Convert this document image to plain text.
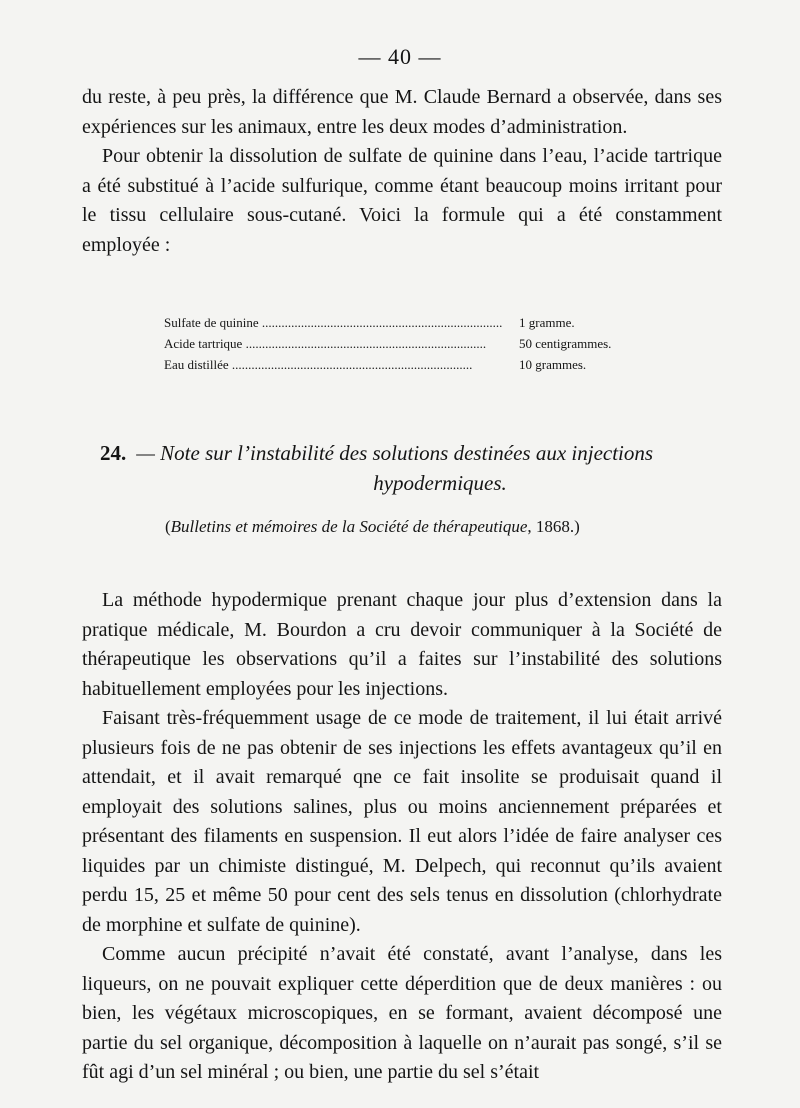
— 40 —

du reste, à peu près, la différence que M. Claude Bernard a observée, dans ses expériences sur les animaux, entre les deux modes d’administration.

Pour obtenir la dissolution de sulfate de quinine dans l’eau, l’acide tartrique a été substitué à l’acide sulfurique, comme étant beaucoup moins irritant pour le tissu cellulaire sous-cutané. Voici la formule qui a été constamment employée :

Sulfate de quinine .....	1 gramme.
Acide tartrique .....	50 centigrammes.
Eau distillée .....	10 grammes.
24. — Note sur l’instabilité des solutions destinées aux injections
hypodermiques.
(Bulletins et mémoires de la Société de thérapeutique, 1868.)

La méthode hypodermique prenant chaque jour plus d’extension dans la pratique médicale, M. Bourdon a cru devoir communiquer à la Société de thérapeutique les observations qu’il a faites sur l’instabilité des solutions habituellement employées pour les injections.

Faisant très-fréquemment usage de ce mode de traitement, il lui était arrivé plusieurs fois de ne pas obtenir de ses injections les effets avantageux qu’il en attendait, et il avait remarqué qne ce fait insolite se produisait quand il employait des solutions salines, plus ou moins anciennement préparées et présentant des filaments en suspension. Il eut alors l’idée de faire analyser ces liquides par un chimiste distingué, M. Delpech, qui reconnut qu’ils avaient perdu 15, 25 et même 50 pour cent des sels tenus en dissolution (chlorhydrate de morphine et sulfate de quinine).

Comme aucun précipité n’avait été constaté, avant l’analyse, dans les liqueurs, on ne pouvait expliquer cette déperdition que de deux manières : ou bien, les végétaux microscopiques, en se formant, avaient décomposé une partie du sel organique, décomposition à laquelle on n’aurait pas songé, s’il se fût agi d’un sel minéral ; ou bien, une partie du sel s’était
